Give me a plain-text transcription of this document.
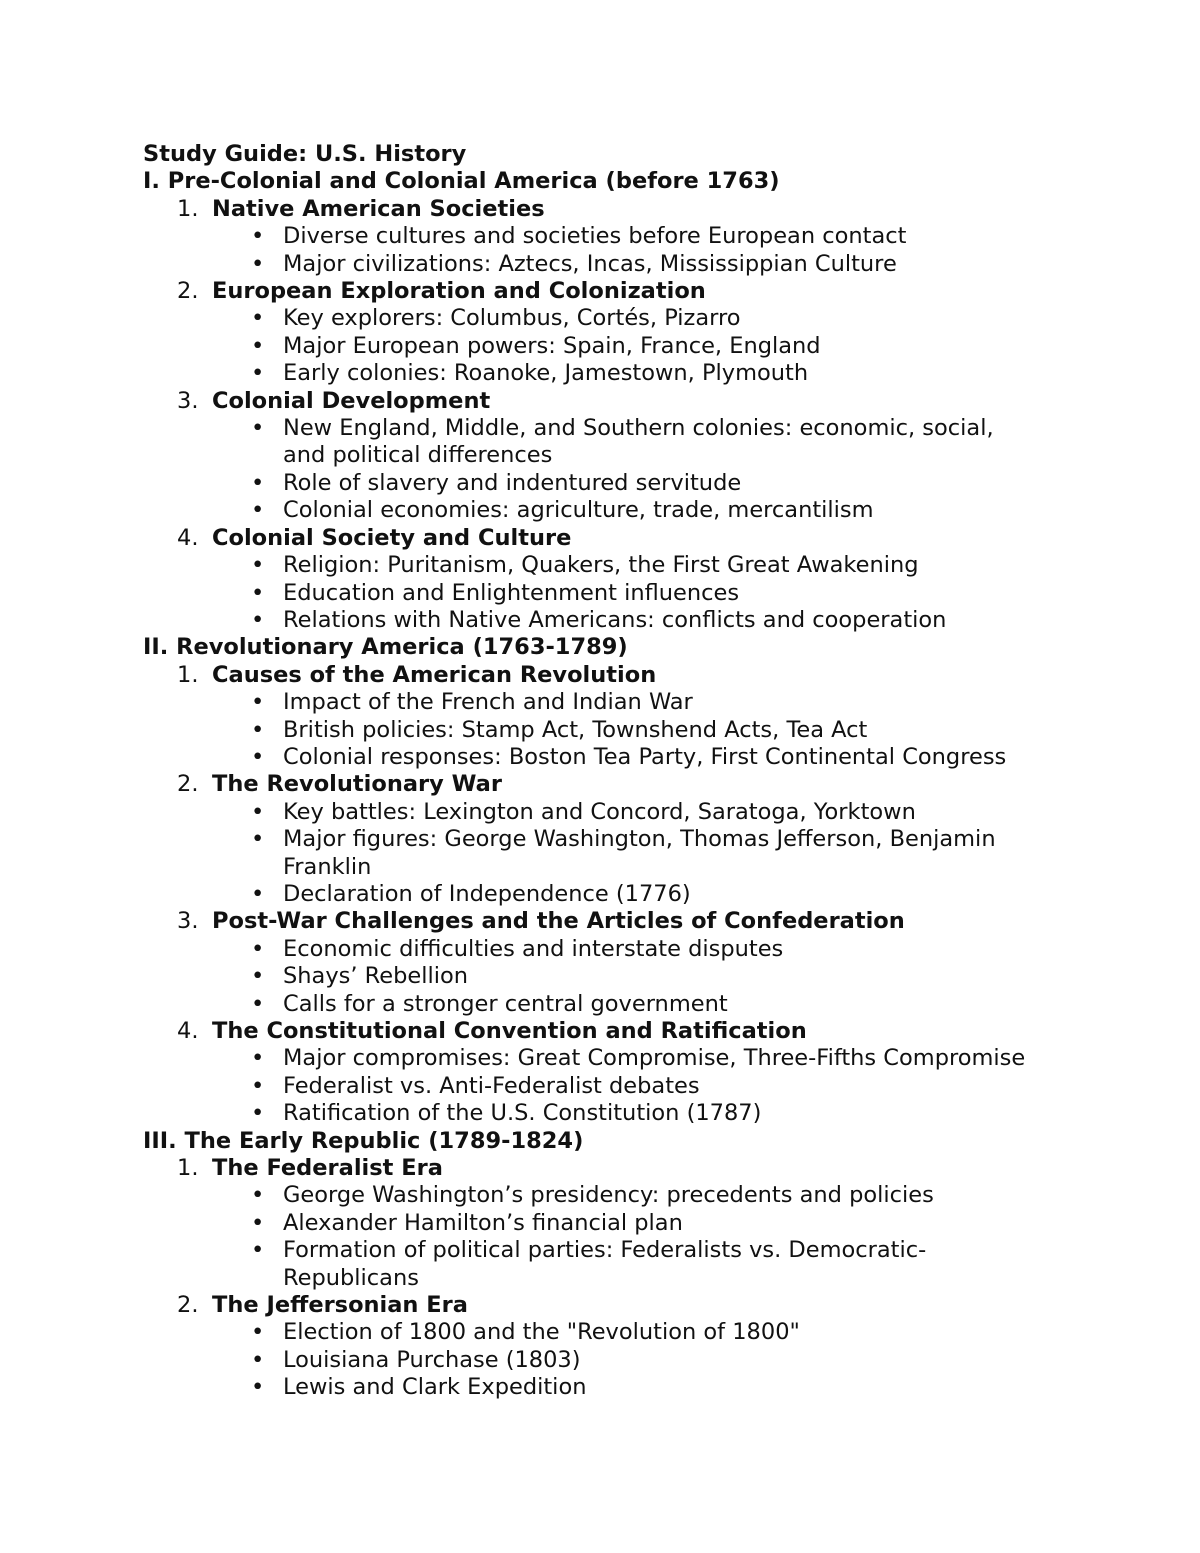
Study Guide: U.S. History
I. Pre-Colonial and Colonial America (before 1763)
1. Native American Societies
• Diverse cultures and societies before European contact
• Major civilizations: Aztecs, Incas, Mississippian Culture
2. European Exploration and Colonization
• Key explorers: Columbus, Cortés, Pizarro
• Major European powers: Spain, France, England
• Early colonies: Roanoke, Jamestown, Plymouth
3. Colonial Development
• New England, Middle, and Southern colonies: economic, social, and political differences
• Role of slavery and indentured servitude
• Colonial economies: agriculture, trade, mercantilism
4. Colonial Society and Culture
• Religion: Puritanism, Quakers, the First Great Awakening
• Education and Enlightenment influences
• Relations with Native Americans: conflicts and cooperation
II. Revolutionary America (1763-1789)
1. Causes of the American Revolution
• Impact of the French and Indian War
• British policies: Stamp Act, Townshend Acts, Tea Act
• Colonial responses: Boston Tea Party, First Continental Congress
2. The Revolutionary War
• Key battles: Lexington and Concord, Saratoga, Yorktown
• Major figures: George Washington, Thomas Jefferson, Benjamin Franklin
• Declaration of Independence (1776)
3. Post-War Challenges and the Articles of Confederation
• Economic difficulties and interstate disputes
• Shays’ Rebellion
• Calls for a stronger central government
4. The Constitutional Convention and Ratification
• Major compromises: Great Compromise, Three-Fifths Compromise
• Federalist vs. Anti-Federalist debates
• Ratification of the U.S. Constitution (1787)
III. The Early Republic (1789-1824)
1. The Federalist Era
• George Washington’s presidency: precedents and policies
• Alexander Hamilton’s financial plan
• Formation of political parties: Federalists vs. Democratic-Republicans
2. The Jeffersonian Era
• Election of 1800 and the "Revolution of 1800"
• Louisiana Purchase (1803)
• Lewis and Clark Expedition
